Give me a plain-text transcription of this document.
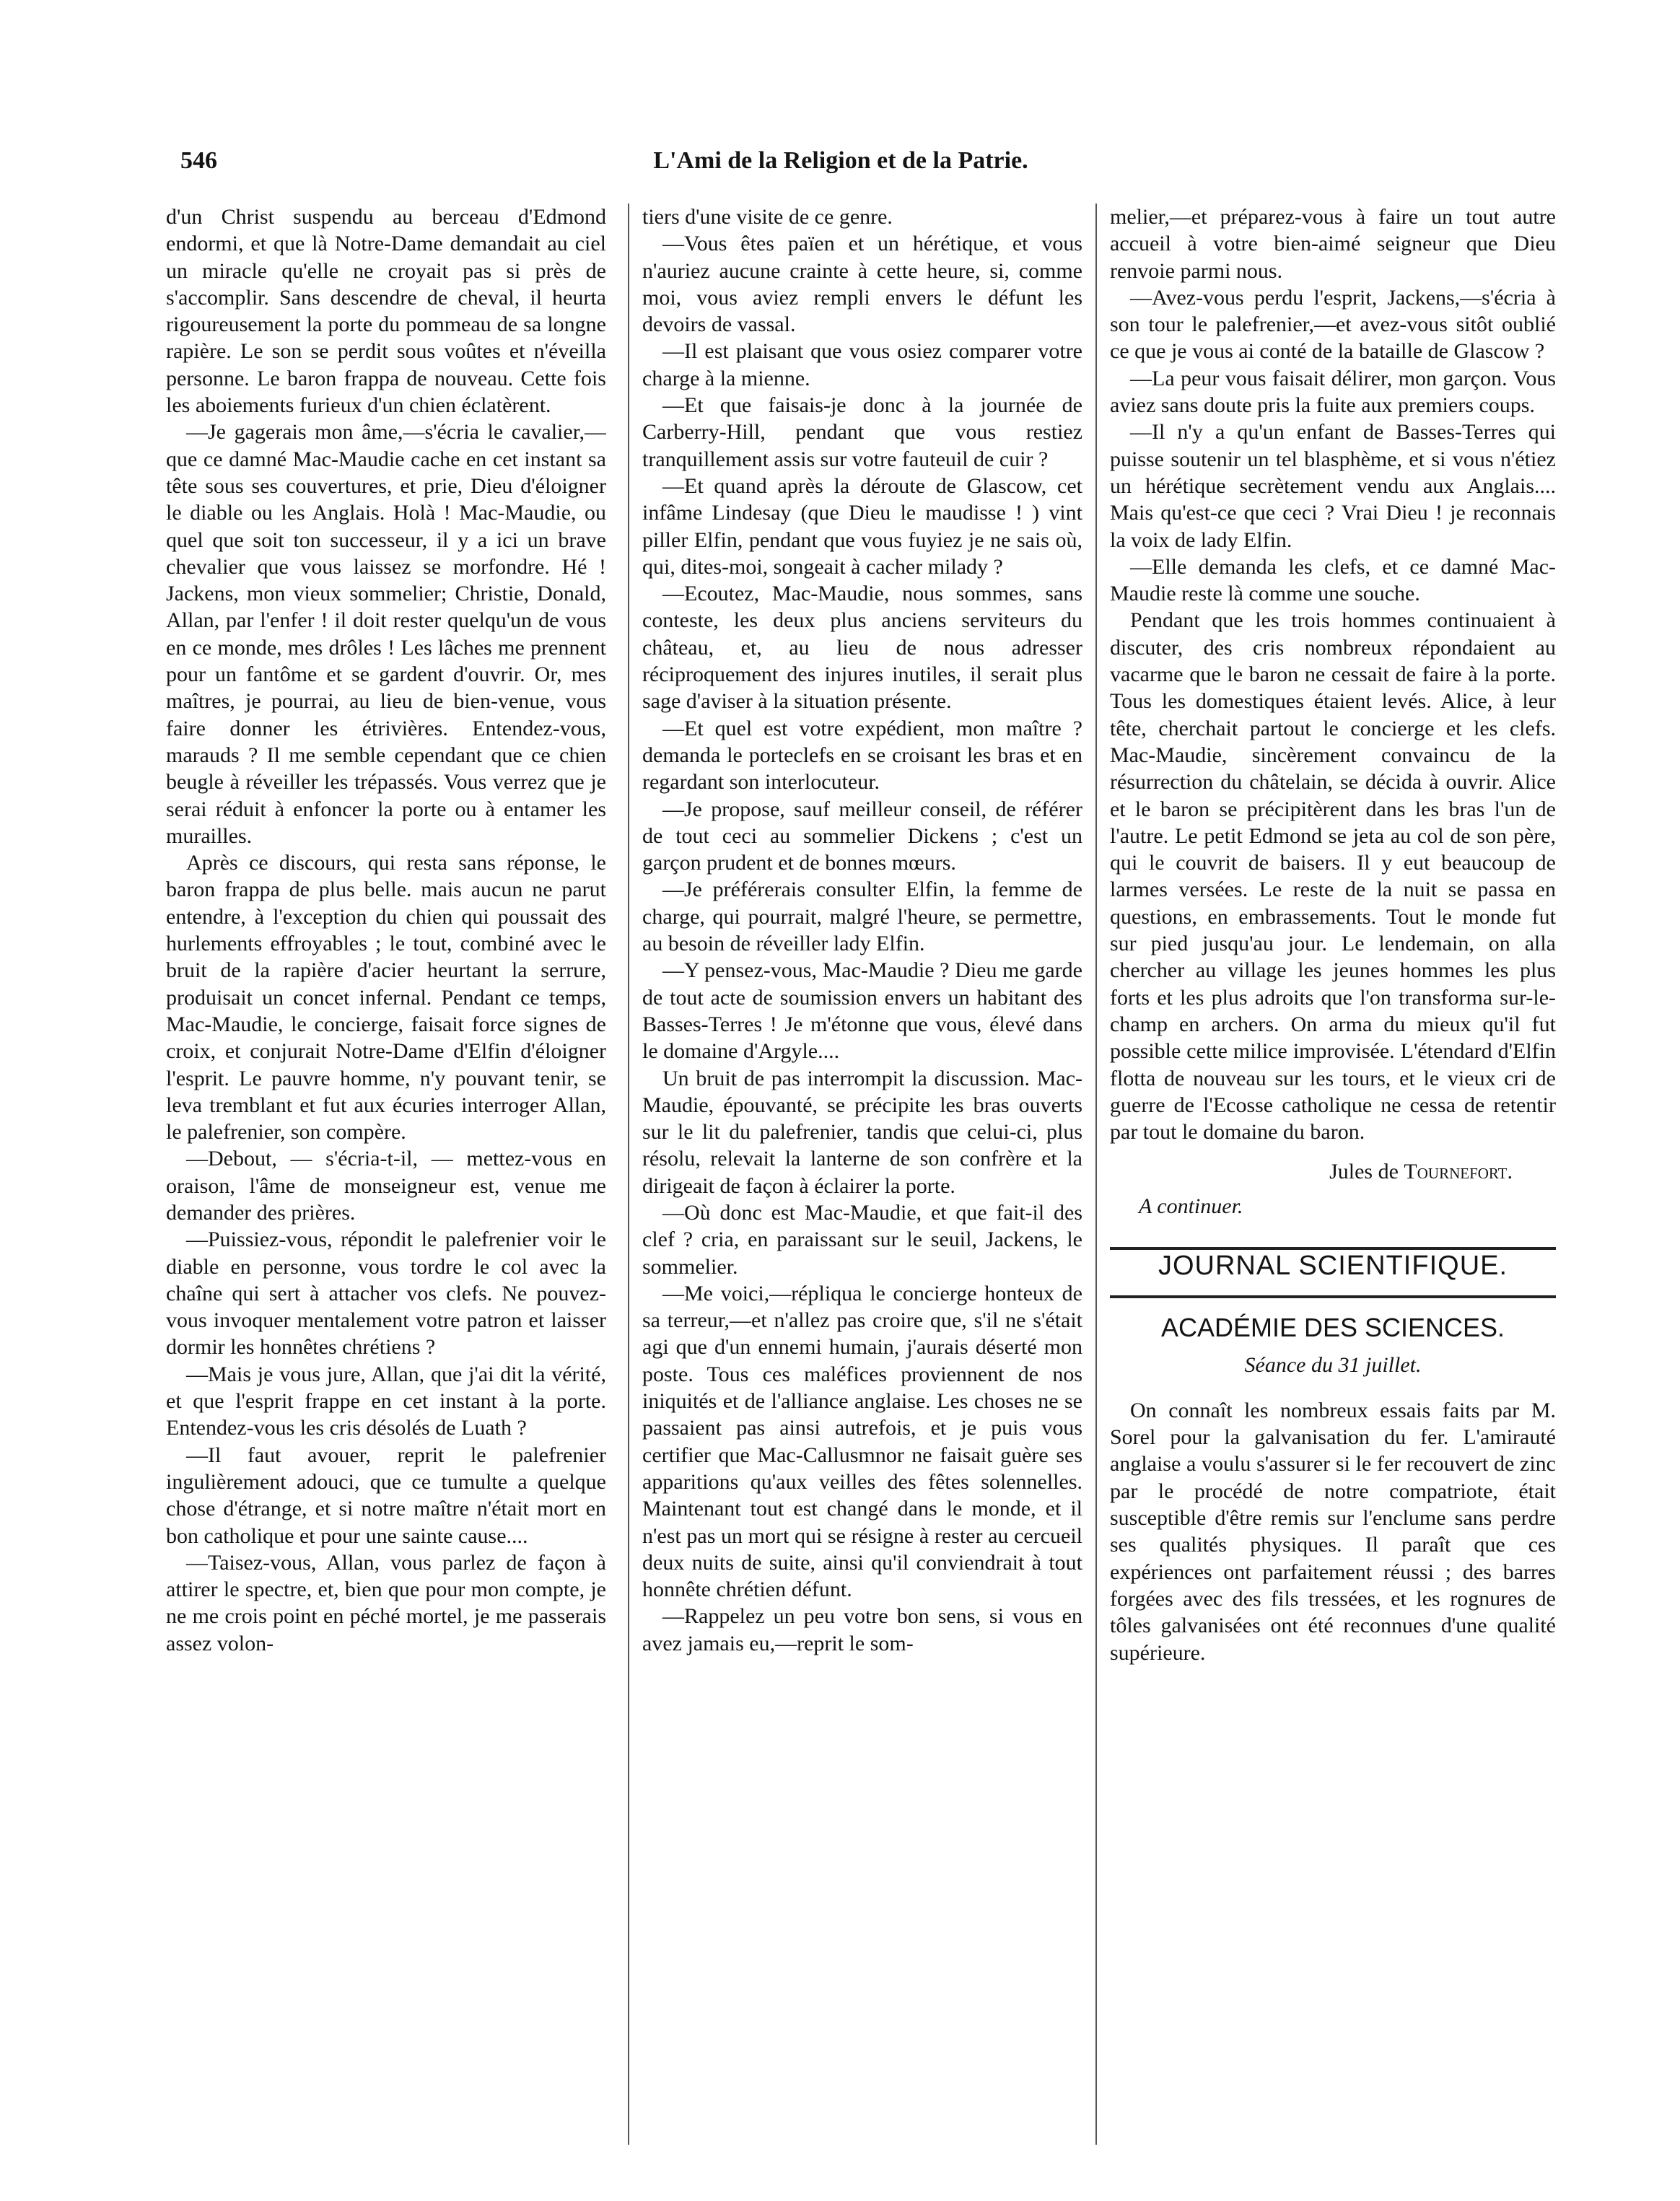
546	L'Ami de la Religion et de la Patrie.

d'un Christ suspendu au berceau d'Edmond endormi, et que là Notre-Dame demandait au ciel un miracle qu'elle ne croyait pas si près de s'accomplir. Sans descendre de cheval, il heurta rigoureusement la porte du pommeau de sa longne rapière. Le son se perdit sous voûtes et n'éveilla personne. Le baron frappa de nouveau. Cette fois les aboiements furieux d'un chien éclatèrent.

—Je gagerais mon âme,—s'écria le cavalier,—que ce damné Mac-Maudie cache en cet instant sa tête sous ses couvertures, et prie, Dieu d'éloigner le diable ou les Anglais. Holà ! Mac-Maudie, ou quel que soit ton successeur, il y a ici un brave chevalier que vous laissez se morfondre. Hé ! Jackens, mon vieux sommelier; Christie, Donald, Allan, par l'enfer ! il doit rester quelqu'un de vous en ce monde, mes drôles ! Les lâches me prennent pour un fantôme et se gardent d'ouvrir. Or, mes maîtres, je pourrai, au lieu de bien-venue, vous faire donner les étrivières. Entendez-vous, marauds ? Il me semble cependant que ce chien beugle à réveiller les trépassés. Vous verrez que je serai réduit à enfoncer la porte ou à entamer les murailles.

Après ce discours, qui resta sans réponse, le baron frappa de plus belle. mais aucun ne parut entendre, à l'exception du chien qui poussait des hurlements effroyables ; le tout, combiné avec le bruit de la rapière d'acier heurtant la serrure, produisait un concet infernal. Pendant ce temps, Mac-Maudie, le concierge, faisait force signes de croix, et conjurait Notre-Dame d'Elfin d'éloigner l'esprit. Le pauvre homme, n'y pouvant tenir, se leva tremblant et fut aux écuries interroger Allan, le palefrenier, son compère.

—Debout, — s'écria-t-il, — mettez-vous en oraison, l'âme de monseigneur est, venue me demander des prières.

—Puissiez-vous, répondit le palefrenier voir le diable en personne, vous tordre le col avec la chaîne qui sert à attacher vos clefs. Ne pouvez-vous invoquer mentalement votre patron et laisser dormir les honnêtes chrétiens ?

—Mais je vous jure, Allan, que j'ai dit la vérité, et que l'esprit frappe en cet instant à la porte. Entendez-vous les cris désolés de Luath ?

—Il faut avouer, reprit le palefrenier ingulièrement adouci, que ce tumulte a quelque chose d'étrange, et si notre maître n'était mort en bon catholique et pour une sainte cause....

—Taisez-vous, Allan, vous parlez de façon à attirer le spectre, et, bien que pour mon compte, je ne me crois point en péché mortel, je me passerais assez volon-

tiers d'une visite de ce genre.

—Vous êtes païen et un hérétique, et vous n'auriez aucune crainte à cette heure, si, comme moi, vous aviez rempli envers le défunt les devoirs de vassal.

—Il est plaisant que vous osiez comparer votre charge à la mienne.

—Et que faisais-je donc à la journée de Carberry-Hill, pendant que vous restiez tranquillement assis sur votre fauteuil de cuir ?

—Et quand après la déroute de Glascow, cet infâme Lindesay (que Dieu le maudisse ! ) vint piller Elfin, pendant que vous fuyiez je ne sais où, qui, dites-moi, songeait à cacher milady ?

—Ecoutez, Mac-Maudie, nous sommes, sans conteste, les deux plus anciens serviteurs du château, et, au lieu de nous adresser réciproquement des injures inutiles, il serait plus sage d'aviser à la situation présente.

—Et quel est votre expédient, mon maître ? demanda le porteclefs en se croisant les bras et en regardant son interlocuteur.

—Je propose, sauf meilleur conseil, de référer de tout ceci au sommelier Dickens ; c'est un garçon prudent et de bonnes mœurs.

—Je préférerais consulter Elfin, la femme de charge, qui pourrait, malgré l'heure, se permettre, au besoin de réveiller lady Elfin.

—Y pensez-vous, Mac-Maudie ? Dieu me garde de tout acte de soumission envers un habitant des Basses-Terres ! Je m'étonne que vous, élevé dans le domaine d'Argyle....

Un bruit de pas interrompit la discussion. Mac-Maudie, épouvanté, se précipite les bras ouverts sur le lit du palefrenier, tandis que celui-ci, plus résolu, relevait la lanterne de son confrère et la dirigeait de façon à éclairer la porte.

—Où donc est Mac-Maudie, et que fait-il des clef ? cria, en paraissant sur le seuil, Jackens, le sommelier.

—Me voici,—répliqua le concierge honteux de sa terreur,—et n'allez pas croire que, s'il ne s'était agi que d'un ennemi humain, j'aurais déserté mon poste. Tous ces maléfices proviennent de nos iniquités et de l'alliance anglaise. Les choses ne se passaient pas ainsi autrefois, et je puis vous certifier que Mac-Callusmnor ne faisait guère ses apparitions qu'aux veilles des fêtes solennelles. Maintenant tout est changé dans le monde, et il n'est pas un mort qui se résigne à rester au cercueil deux nuits de suite, ainsi qu'il conviendrait à tout honnête chrétien défunt.

—Rappelez un peu votre bon sens, si vous en avez jamais eu,—reprit le som-

melier,—et préparez-vous à faire un tout autre accueil à votre bien-aimé seigneur que Dieu renvoie parmi nous.

—Avez-vous perdu l'esprit, Jackens,—s'écria à son tour le palefrenier,—et avez-vous sitôt oublié ce que je vous ai conté de la bataille de Glascow ?

—La peur vous faisait délirer, mon garçon. Vous aviez sans doute pris la fuite aux premiers coups.

—Il n'y a qu'un enfant de Basses-Terres qui puisse soutenir un tel blasphème, et si vous n'étiez un hérétique secrètement vendu aux Anglais.... Mais qu'est-ce que ceci ? Vrai Dieu ! je reconnais la voix de lady Elfin.

—Elle demanda les clefs, et ce damné Mac-Maudie reste là comme une souche.

Pendant que les trois hommes continuaient à discuter, des cris nombreux répondaient au vacarme que le baron ne cessait de faire à la porte. Tous les domestiques étaient levés. Alice, à leur tête, cherchait partout le concierge et les clefs. Mac-Maudie, sincèrement convaincu de la résurrection du châtelain, se décida à ouvrir. Alice et le baron se précipitèrent dans les bras l'un de l'autre. Le petit Edmond se jeta au col de son père, qui le couvrit de baisers. Il y eut beaucoup de larmes versées. Le reste de la nuit se passa en questions, en embrassements. Tout le monde fut sur pied jusqu'au jour. Le lendemain, on alla chercher au village les jeunes hommes les plus forts et les plus adroits que l'on transforma sur-le-champ en archers. On arma du mieux qu'il fut possible cette milice improvisée. L'étendard d'Elfin flotta de nouveau sur les tours, et le vieux cri de guerre de l'Ecosse catholique ne cessa de retentir par tout le domaine du baron.

Jules de Tournefort.

A continuer.

JOURNAL SCIENTIFIQUE.
ACADÉMIE DES SCIENCES.
Séance du 31 juillet.

On connaît les nombreux essais faits par M. Sorel pour la galvanisation du fer. L'amirauté anglaise a voulu s'assurer si le fer recouvert de zinc par le procédé de notre compatriote, était susceptible d'être remis sur l'enclume sans perdre ses qualités physiques. Il paraît que ces expériences ont parfaitement réussi ; des barres forgées avec des fils tressées, et les rognures de tôles galvanisées ont été reconnues d'une qualité supérieure.
